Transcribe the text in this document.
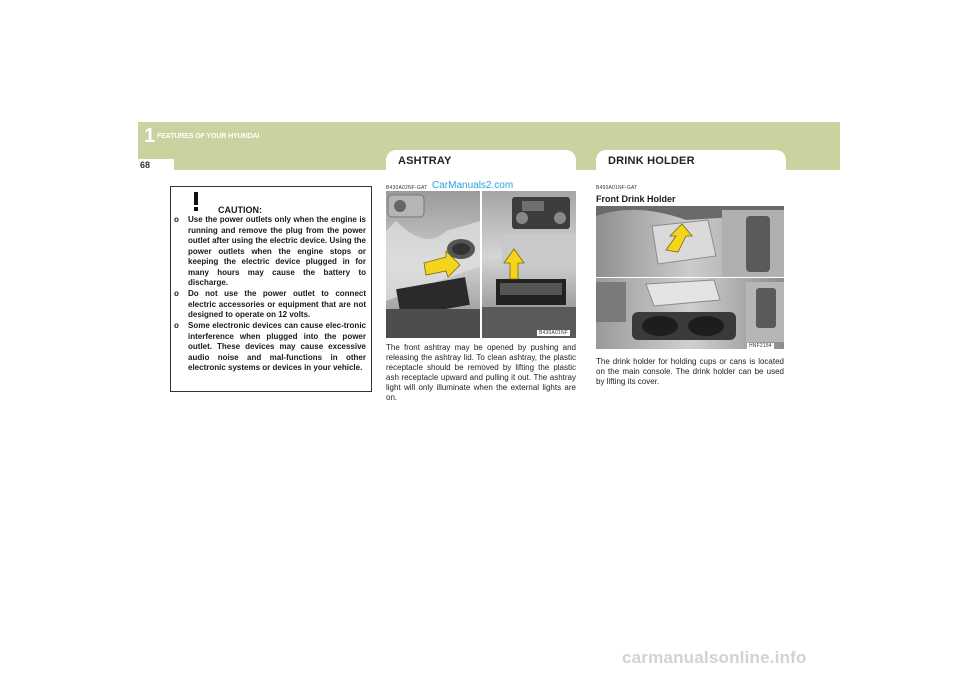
1 FEATURES OF YOUR HYUNDAI
68	ASHTRAY	DRINK HOLDER
CAUTION:
o Use the power outlets only when the engine is running and remove the plug from the power outlet after using the electric device. Using the power outlets when the engine stops or keeping the electric device plugged in for many hours may cause the battery to discharge.
o Do not use the power outlet to connect electric accessories or equipment that are not designed to operate on 12 volts.
o Some electronic devices can cause elec-tronic interference when plugged into the power outlet. These devices may cause excessive audio noise and mal-functions in other electronic systems or devices in your vehicle.
B430A02NF-GAT CarManuals2.com
B430A01NF
The front ashtray may be opened by pushing and releasing the ashtray lid. To clean ashtray, the plastic receptacle should be removed by lifting the plastic ash receptacle upward and pulling it out. The ashtray light will only illuminate when the external lights are on.
B450A01NF-GAT
Front Drink Holder
HNF2184
The drink holder for holding cups or cans is located on the main console. The drink holder can be used by lifting its cover.
carmanualsonline.info
